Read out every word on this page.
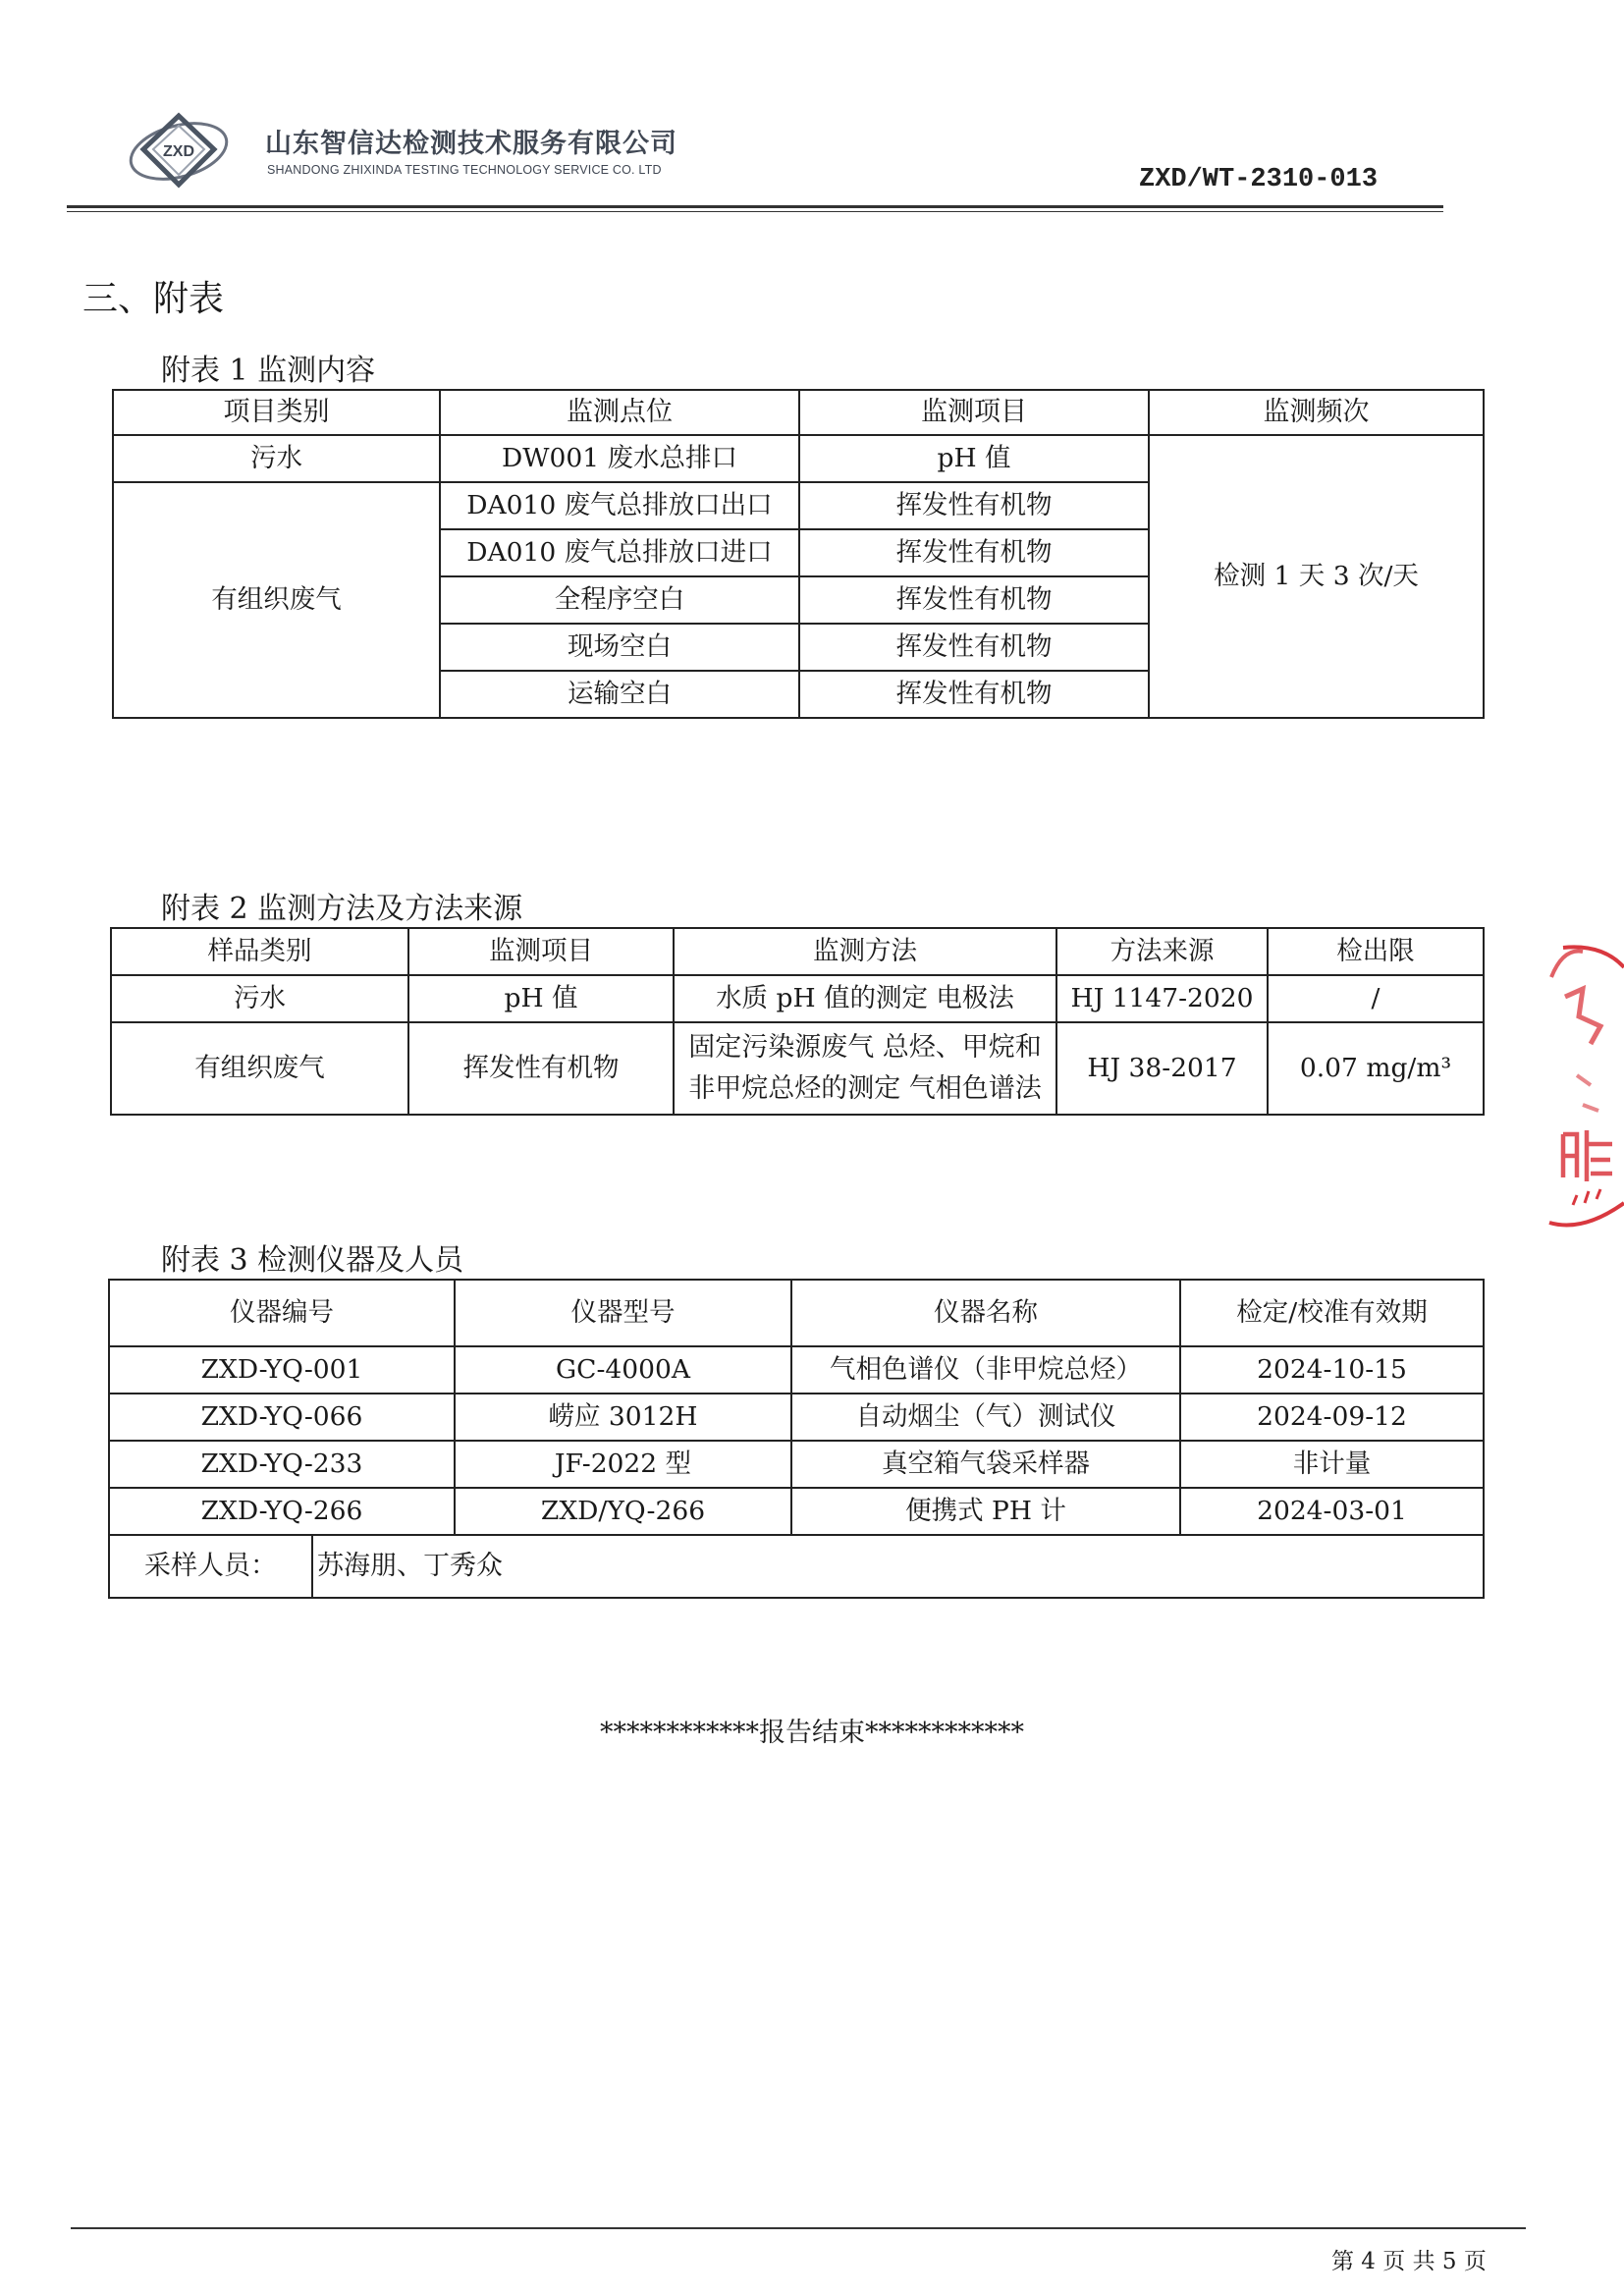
ZXD	山东智信达检测技术服务有限公司
SHANDONG ZHIXINDA TESTING TECHNOLOGY SERVICE CO. LTD	ZXD/WT-2310-013
三、附表
附表 1 监测内容
项目类别	监测点位	监测项目	监测频次
污水	DW001 废水总排口	pH 值	检测 1 天 3 次/天
有组织废气	DA010 废气总排放口出口	挥发性有机物	
	DA010 废气总排放口进口	挥发性有机物	
	全程序空白	挥发性有机物	
	现场空白	挥发性有机物	
	运输空白	挥发性有机物	
附表 2 监测方法及方法来源
样品类别	监测项目	监测方法	方法来源	检出限
污水	pH 值	水质 pH 值的测定 电极法	HJ 1147-2020	/
有组织废气	挥发性有机物	固定污染源废气 总烃、甲烷和非甲烷总烃的测定 气相色谱法	HJ 38-2017	0.07 mg/m³
附表 3 检测仪器及人员
仪器编号	仪器型号	仪器名称	检定/校准有效期
ZXD-YQ-001	GC-4000A	气相色谱仪（非甲烷总烃）	2024-10-15
ZXD-YQ-066	崂应 3012H	自动烟尘（气）测试仪	2024-09-12
ZXD-YQ-233	JF-2022 型	真空箱气袋采样器	非计量
ZXD-YQ-266	ZXD/YQ-266	便携式 PH 计	2024-03-01

采样人员： 苏海朋、丁秀众			
************报告结束************
第 4 页 共 5 页
